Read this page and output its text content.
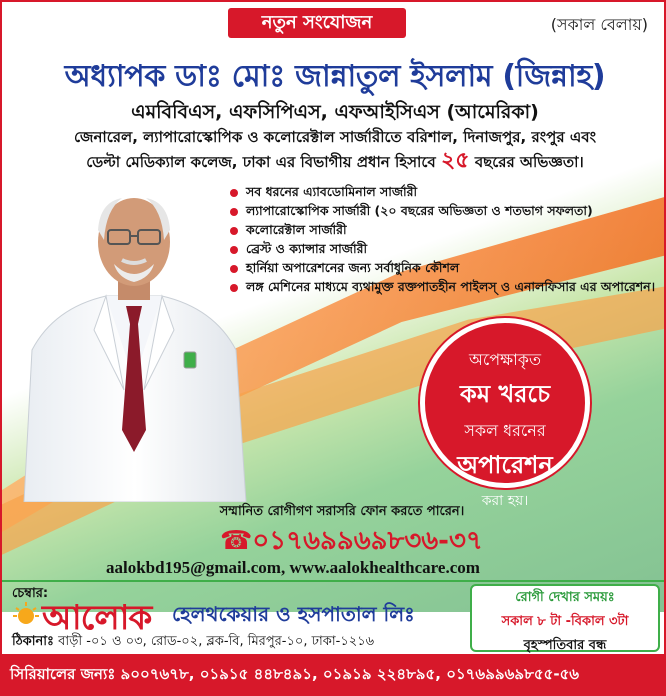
নতুন সংযোজন	(সকাল বেলায়)
অধ্যাপক ডাঃ মোঃ জান্নাতুল ইসলাম (জিন্নাহ)
এমবিবিএস, এফসিপিএস, এফআইসিএস (আমেরিকা)
জেনারেল, ল্যাপারোস্কোপিক ও কলোরেক্টাল সার্জারীতে বরিশাল, দিনাজপুর, রংপুর এবং
ডেল্টা মেডিক্যাল কলেজ, ঢাকা এর বিভাগীয় প্রধান হিসাবে ২৫ বছরের অভিজ্ঞতা।
সব ধরনের এ্যাবডোমিনাল সার্জারী
ল্যাপারোস্কোপিক সার্জারী (২০ বছরের অভিজ্ঞতা ও শতভাগ সফলতা)
কলোরেক্টাল সার্জারী
ব্রেস্ট ও ক্যান্সার সার্জারী
হার্নিয়া অপারেশনের জন্য সর্বাধুনিক কৌশল
লঙ্গ মেশিনের মাধ্যমে ব্যথামুক্ত রক্তপাতহীন পাইলস্ ও এনালফিসার এর অপারেশন।
অপেক্ষাকৃত
কম খরচে
সকল ধরনের
অপারেশন
করা হয়।
সম্মানিত রোগীগণ সরাসরি ফোন করতে পারেন।
☎০১৭৬৯৯৬৯৮৩৬-৩৭
aalokbd195@gmail.com, www.aalokhealthcare.com
চেম্বার:
আলোক হেলথকেয়ার ও হসপাতাল লিঃ
ঠিকানাঃ বাড়ী -০১ ও ০৩, রোড-০২, ব্লক-বি, মিরপুর-১০, ঢাকা-১২১৬
রোগী দেখার সময়ঃ
সকাল ৮ টা -বিকাল ৩টা
বৃহস্পতিবার বন্ধ
সিরিয়ালের জন্যঃ ৯০০৭৬৭৮, ০১৯১৫ ৪৪৮৪৯১, ০১৯১৯ ২২৪৮৯৫, ০১৭৬৯৯৬৯৮৫৫-৫৬
